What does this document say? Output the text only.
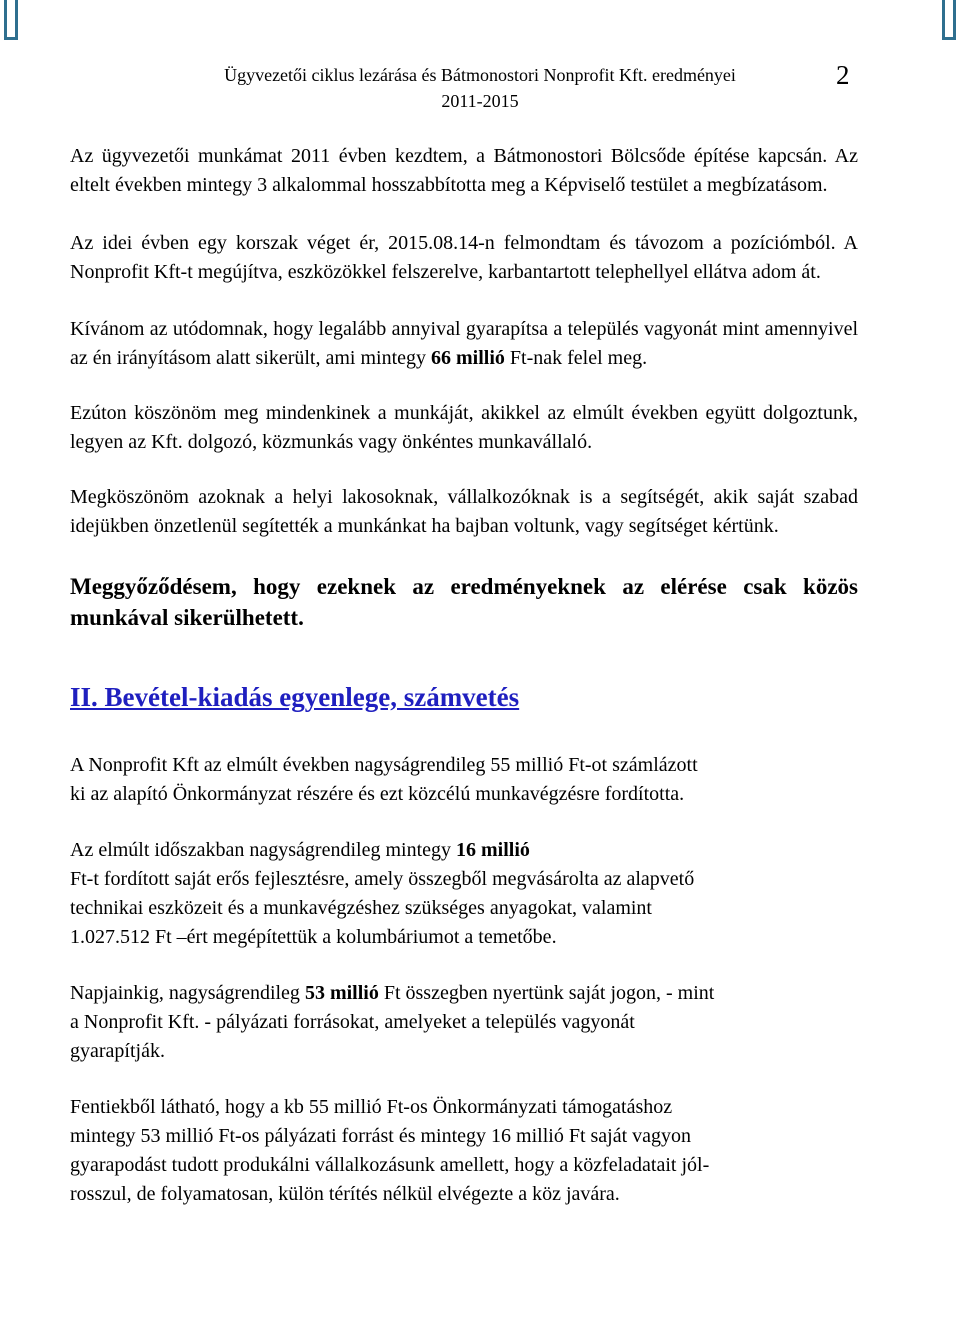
Ügyvezetői ciklus lezárása és Bátmonostori Nonprofit Kft. eredményei
2011-2015
2

Az ügyvezetői munkámat 2011 évben kezdtem, a Bátmonostori Bölcsőde építése kapcsán. Az eltelt években mintegy 3 alkalommal hosszabbította meg a Képviselő testület a megbízatásom.

Az idei évben egy korszak véget ér, 2015.08.14-n felmondtam és távozom a pozíciómból. A Nonprofit Kft-t megújítva, eszközökkel felszerelve, karbantartott telephellyel ellátva adom át.

Kívánom az utódomnak, hogy legalább annyival gyarapítsa a település vagyonát mint amennyivel az én irányításom alatt sikerült, ami mintegy 66 millió Ft-nak felel meg.

Ezúton köszönöm meg mindenkinek a munkáját, akikkel az elmúlt években együtt dolgoztunk, legyen az Kft. dolgozó, közmunkás vagy önkéntes munkavállaló.

Megköszönöm azoknak a helyi lakosoknak, vállalkozóknak is a segítségét, akik saját szabad idejükben önzetlenül segítették a munkánkat ha bajban voltunk, vagy segítséget kértünk.

Meggyőződésem, hogy ezeknek az eredményeknek az elérése csak közös munkával sikerülhetett.

II. Bevétel-kiadás egyenlege, számvetés

A Nonprofit Kft az elmúlt években nagyságrendileg 55 millió Ft-ot számlázott
ki az alapító Önkormányzat részére és ezt közcélú munkavégzésre fordította.

Az elmúlt időszakban nagyságrendileg mintegy 16 millió
Ft-t fordított saját erős fejlesztésre, amely összegből megvásárolta az alapvető
technikai eszközeit és a munkavégzéshez szükséges anyagokat, valamint
1.027.512 Ft –ért megépítettük a kolumbáriumot a temetőbe.

Napjainkig, nagyságrendileg 53 millió Ft összegben nyertünk saját jogon, - mint
a Nonprofit Kft. - pályázati forrásokat, amelyeket a település vagyonát
gyarapítják.

Fentiekből látható, hogy a kb 55 millió Ft-os Önkormányzati támogatáshoz
mintegy 53 millió Ft-os pályázati forrást és mintegy 16 millió Ft saját vagyon
gyarapodást tudott produkálni vállalkozásunk amellett, hogy a közfeladatait jól-
rosszul, de folyamatosan, külön térítés nélkül elvégezte a köz javára.
